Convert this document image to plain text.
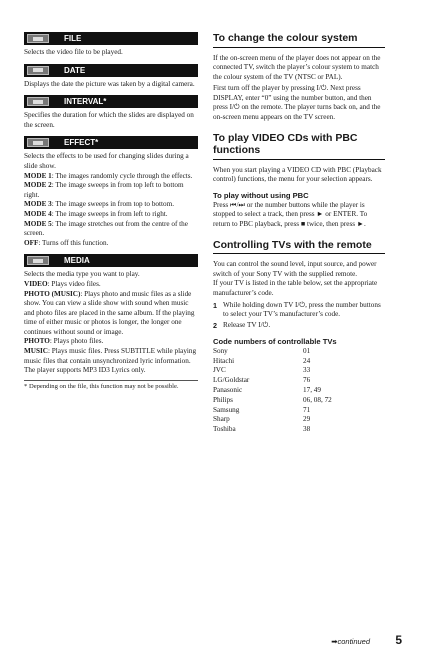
FILE
Selects the video file to be played.
DATE
Displays the date the picture was taken by a digital camera.
INTERVAL*
Specifies the duration for which the slides are displayed on the screen.
EFFECT*
Selects the effects to be used for changing slides during a slide show.
MODE 1: The images randomly cycle through the effects.
MODE 2: The image sweeps in from top left to bottom right.
MODE 3: The image sweeps in from top to bottom.
MODE 4: The image sweeps in from left to right.
MODE 5: The image stretches out from the centre of the screen.
OFF: Turns off this function.
MEDIA
Selects the media type you want to play.
VIDEO: Plays video files.
PHOTO (MUSIC): Plays photo and music files as a slide show. You can view a slide show with sound when music and photo files are placed in the same album. If the playing time of either music or photos is longer, the longer one continues without sound or image.
PHOTO: Plays photo files.
MUSIC: Plays music files. Press SUBTITLE while playing music files that contain unsynchronized lyric information. The player supports MP3 ID3 Lyrics only.
* Depending on the file, this function may not be possible.
To change the colour system
If the on-screen menu of the player does not appear on the connected TV, switch the player’s colour system to match the colour system of the TV (NTSC or PAL).
First turn off the player by pressing I/⏻. Next press DISPLAY, enter “0” using the number button, and then press I/⏻ on the remote. The player turns back on, and the on-screen menu appears on the TV screen.
To play VIDEO CDs with PBC functions
When you start playing a VIDEO CD with PBC (Playback control) functions, the menu for your selection appears.
To play without using PBC
Press ⏮/⏭ or the number buttons while the player is stopped to select a track, then press ► or ENTER. To return to PBC playback, press ■ twice, then press ►.
Controlling TVs with the remote
You can control the sound level, input source, and power switch of your Sony TV with the supplied remote.
If your TV is listed in the table below, set the appropriate manufacturer’s code.
1 While holding down TV I/⏻, press the number buttons to select your TV’s manufacturer’s code.
2 Release TV I/⏻.
Code numbers of controllable TVs
Sony	01
Hitachi	24
JVC	33
LG/Goldstar	76
Panasonic	17, 49
Philips	06, 08, 72
Samsung	71
Sharp	29
Toshiba	38
➡continued 5
